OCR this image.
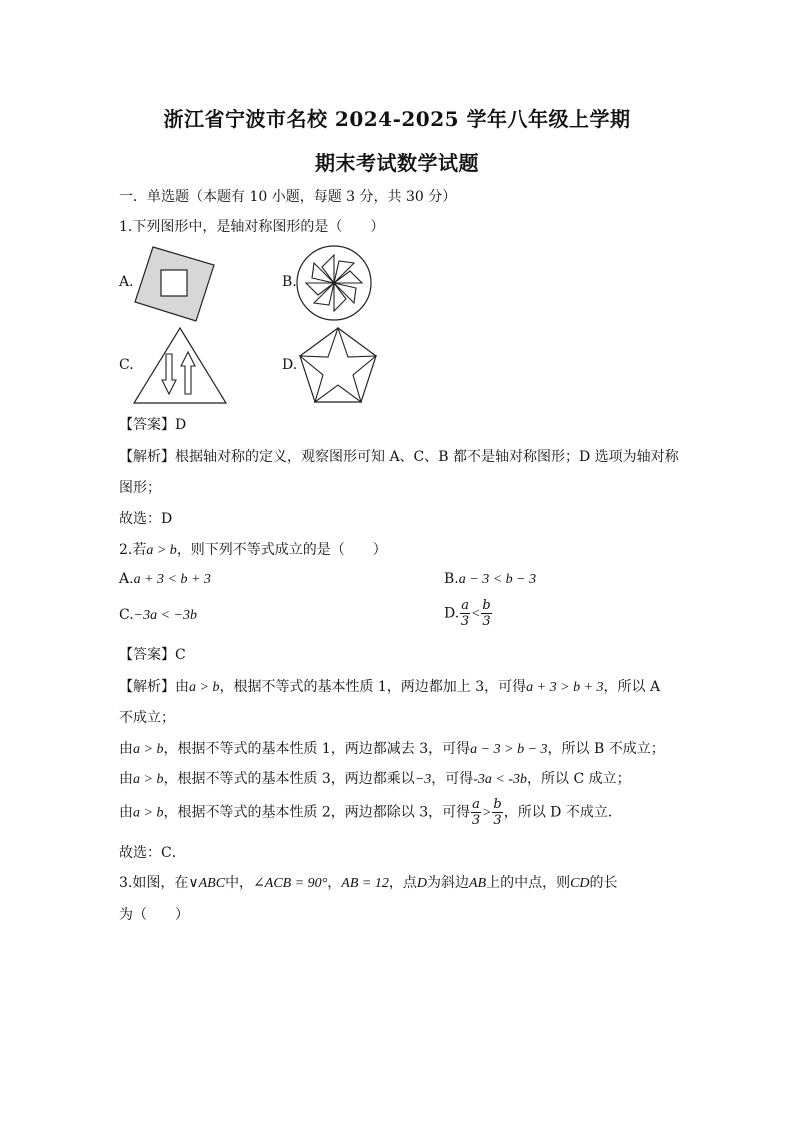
浙江省宁波市名校 2024-2025 学年八年级上学期
期末考试数学试题
一．单选题（本题有 10 小题，每题 3 分，共 30 分）
1.下列图形中，是轴对称图形的是（　　）
A.	B.
C.	D.
【答案】D
【解析】根据轴对称的定义，观察图形可知 A、C、B 都不是轴对称图形；D 选项为轴对称
图形；
故选：D
2.若a > b，则下列不等式成立的是（　　）
A.a + 3 < b + 3	B.a − 3 < b − 3
C.−3a < −3b	D. $\frac{a}{3} < \frac{b}{3}$
【答案】C
【解析】由a > b，根据不等式的基本性质 1，两边都加上 3，可得a + 3 > b + 3，所以 A
不成立；
由a > b，根据不等式的基本性质 1，两边都减去 3，可得a − 3 > b − 3，所以 B 不成立；
由a > b，根据不等式的基本性质 3，两边都乘以−3，可得-3a < -3b，所以 C 成立；
由a > b，根据不等式的基本性质 2，两边都除以 3，可得 $\frac{a}{3} > \frac{b}{3}$ ，所以 D 不成立．
故选：C．
3.如图，在∨ABC中，∠ACB = 90°，AB = 12，点D为斜边AB上的中点，则CD的长
为（　　）
